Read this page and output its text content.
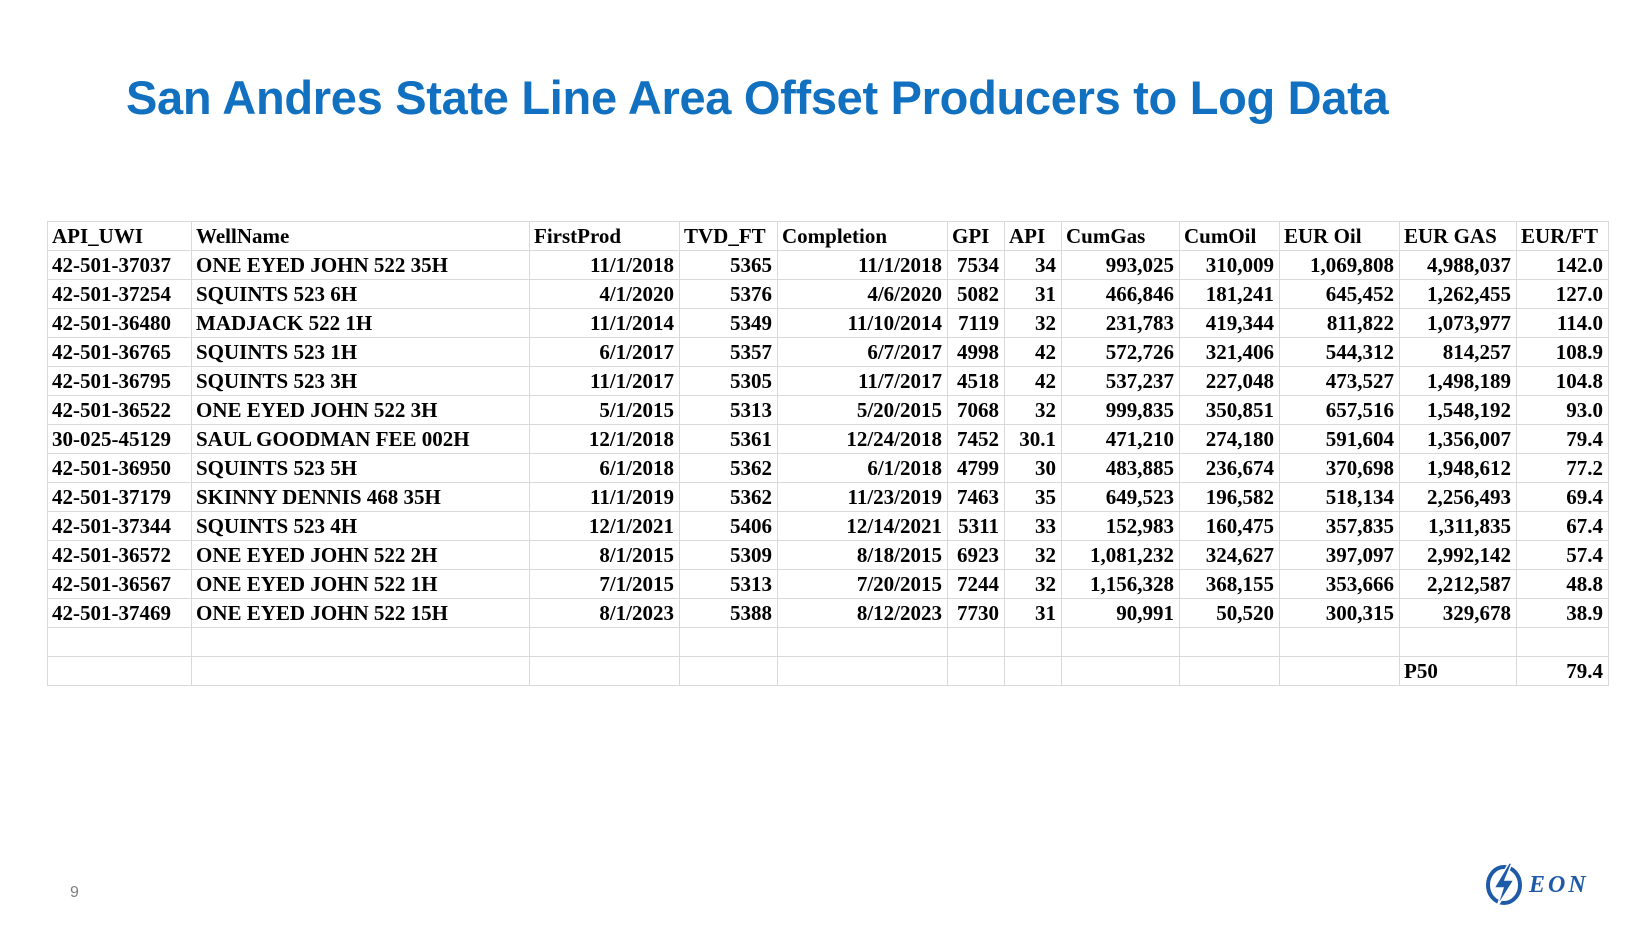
San Andres State Line Area Offset Producers to Log Data
API_UWI	WellName	FirstProd	TVD_FT	Completion	GPI	API	CumGas	CumOil	EUR Oil	EUR GAS	EUR/FT
42-501-37037	ONE EYED JOHN 522 35H	11/1/2018	5365	11/1/2018	7534	34	993,025	310,009	1,069,808	4,988,037	142.0
42-501-37254	SQUINTS 523 6H	4/1/2020	5376	4/6/2020	5082	31	466,846	181,241	645,452	1,262,455	127.0
42-501-36480	MADJACK 522 1H	11/1/2014	5349	11/10/2014	7119	32	231,783	419,344	811,822	1,073,977	114.0
42-501-36765	SQUINTS 523 1H	6/1/2017	5357	6/7/2017	4998	42	572,726	321,406	544,312	814,257	108.9
42-501-36795	SQUINTS 523 3H	11/1/2017	5305	11/7/2017	4518	42	537,237	227,048	473,527	1,498,189	104.8
42-501-36522	ONE EYED JOHN 522 3H	5/1/2015	5313	5/20/2015	7068	32	999,835	350,851	657,516	1,548,192	93.0
30-025-45129	SAUL GOODMAN FEE 002H	12/1/2018	5361	12/24/2018	7452	30.1	471,210	274,180	591,604	1,356,007	79.4
42-501-36950	SQUINTS 523 5H	6/1/2018	5362	6/1/2018	4799	30	483,885	236,674	370,698	1,948,612	77.2
42-501-37179	SKINNY DENNIS 468 35H	11/1/2019	5362	11/23/2019	7463	35	649,523	196,582	518,134	2,256,493	69.4
42-501-37344	SQUINTS 523 4H	12/1/2021	5406	12/14/2021	5311	33	152,983	160,475	357,835	1,311,835	67.4
42-501-36572	ONE EYED JOHN 522 2H	8/1/2015	5309	8/18/2015	6923	32	1,081,232	324,627	397,097	2,992,142	57.4
42-501-36567	ONE EYED JOHN 522 1H	7/1/2015	5313	7/20/2015	7244	32	1,156,328	368,155	353,666	2,212,587	48.8
42-501-37469	ONE EYED JOHN 522 15H	8/1/2023	5388	8/12/2023	7730	31	90,991	50,520	300,315	329,678	38.9

										P50	79.4
9	EON
